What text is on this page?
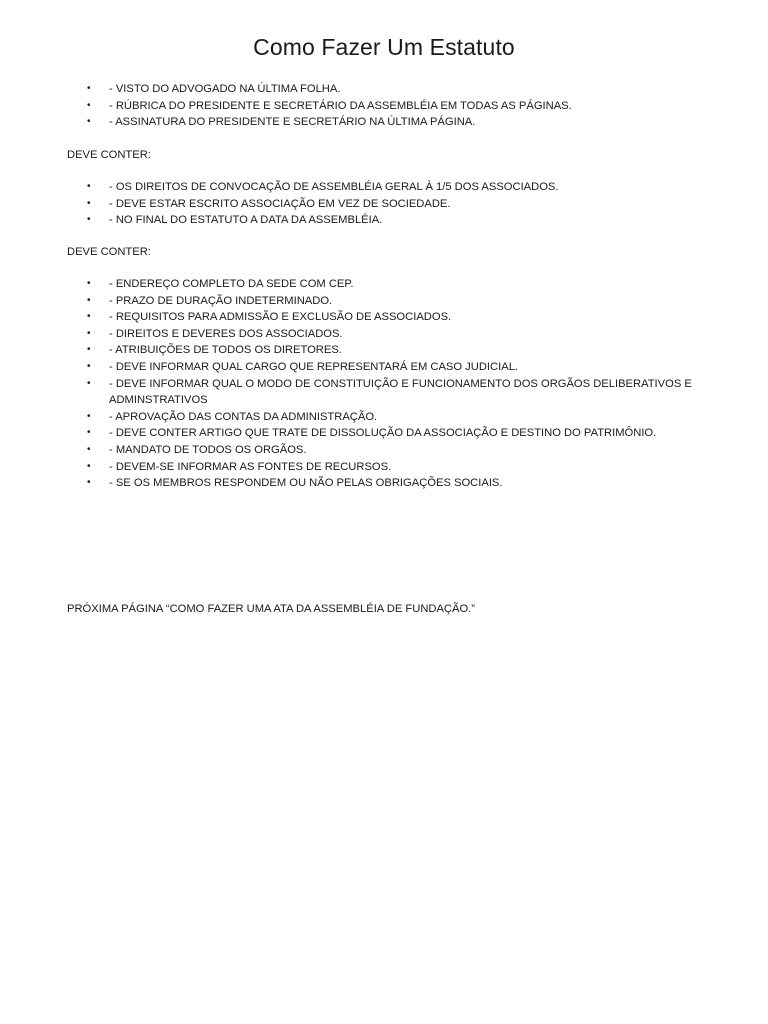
Como Fazer Um Estatuto
• - VISTO DO ADVOGADO NA ÚLTIMA FOLHA.
• - RÚBRICA DO PRESIDENTE E SECRETÁRIO DA ASSEMBLÉIA EM TODAS AS PÁGINAS.
• - ASSINATURA DO PRESIDENTE E SECRETÁRIO NA ÚLTIMA PÁGINA.
DEVE CONTER:
• - OS DIREITOS DE CONVOCAÇÃO DE ASSEMBLÉIA GERAL À 1/5 DOS ASSOCIADOS.
• - DEVE ESTAR ESCRITO ASSOCIAÇÃO EM VEZ DE SOCIEDADE.
• - NO FINAL DO ESTATUTO A DATA DA ASSEMBLÉIA.
DEVE CONTER:
• - ENDEREÇO COMPLETO DA SEDE COM CEP.
• - PRAZO DE DURAÇÃO INDETERMINADO.
• - REQUISITOS PARA ADMISSÃO E EXCLUSÃO DE ASSOCIADOS.
• - DIREITOS E DEVERES DOS ASSOCIADOS.
• - ATRIBUIÇÕES DE TODOS OS DIRETORES.
• - DEVE INFORMAR QUAL CARGO QUE REPRESENTARÁ EM CASO JUDICIAL.
• - DEVE INFORMAR QUAL O MODO DE CONSTITUIÇÃO E FUNCIONAMENTO DOS ORGÃOS DELIBERATIVOS E ADMINSTRATIVOS
• - APROVAÇÃO DAS CONTAS DA ADMINISTRAÇÃO.
• - DEVE CONTER ARTIGO QUE TRATE DE DISSOLUÇÃO DA ASSOCIAÇÃO E DESTINO DO PATRIMÔNIO.
• - MANDATO DE TODOS OS ORGÃOS.
• - DEVEM-SE INFORMAR AS FONTES DE RECURSOS.
• - SE OS MEMBROS RESPONDEM OU NÃO PELAS OBRIGAÇÕES SOCIAIS.
PRÓXIMA PÁGINA “COMO FAZER UMA ATA DA ASSEMBLÉIA DE FUNDAÇÃO.”
